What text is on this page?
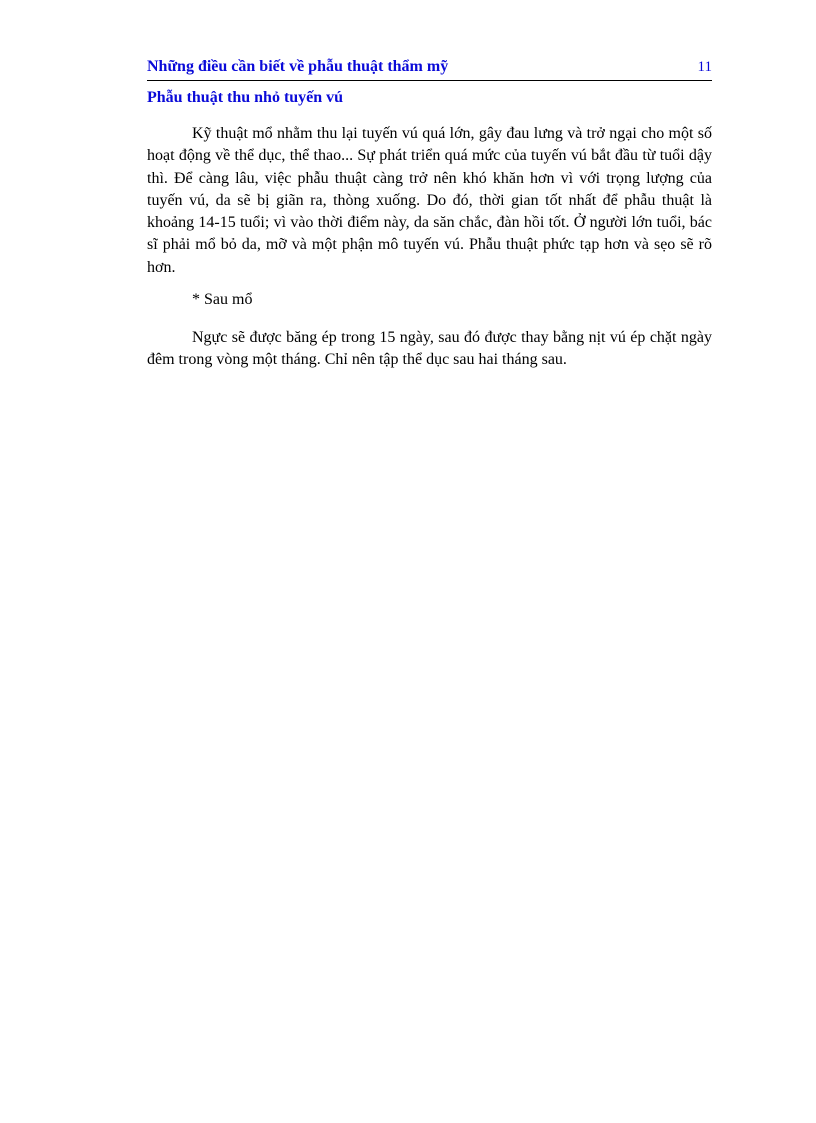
Những điều cần biết về phẫu thuật thẩm mỹ	11
Phẫu thuật thu nhỏ tuyến vú

Kỹ thuật mổ nhằm thu lại tuyến vú quá lớn, gây đau lưng và trở ngại cho một số hoạt động về thể dục, thể thao... Sự phát triển quá mức của tuyến vú bắt đầu từ tuổi dậy thì. Để càng lâu, việc phẫu thuật càng trở nên khó khăn hơn vì với trọng lượng của tuyến vú, da sẽ bị giãn ra, thòng xuống. Do đó, thời gian tốt nhất để phẫu thuật là khoảng 14-15 tuổi; vì vào thời điểm này, da săn chắc, đàn hồi tốt. Ở người lớn tuổi, bác sĩ phải mổ bỏ da, mỡ và một phận mô tuyến vú. Phẫu thuật phức tạp hơn và sẹo sẽ rõ hơn.

* Sau mổ

Ngực sẽ được băng ép trong 15 ngày, sau đó được thay bằng nịt vú ép chặt ngày đêm trong vòng một tháng. Chỉ nên tập thể dục sau hai tháng sau.
